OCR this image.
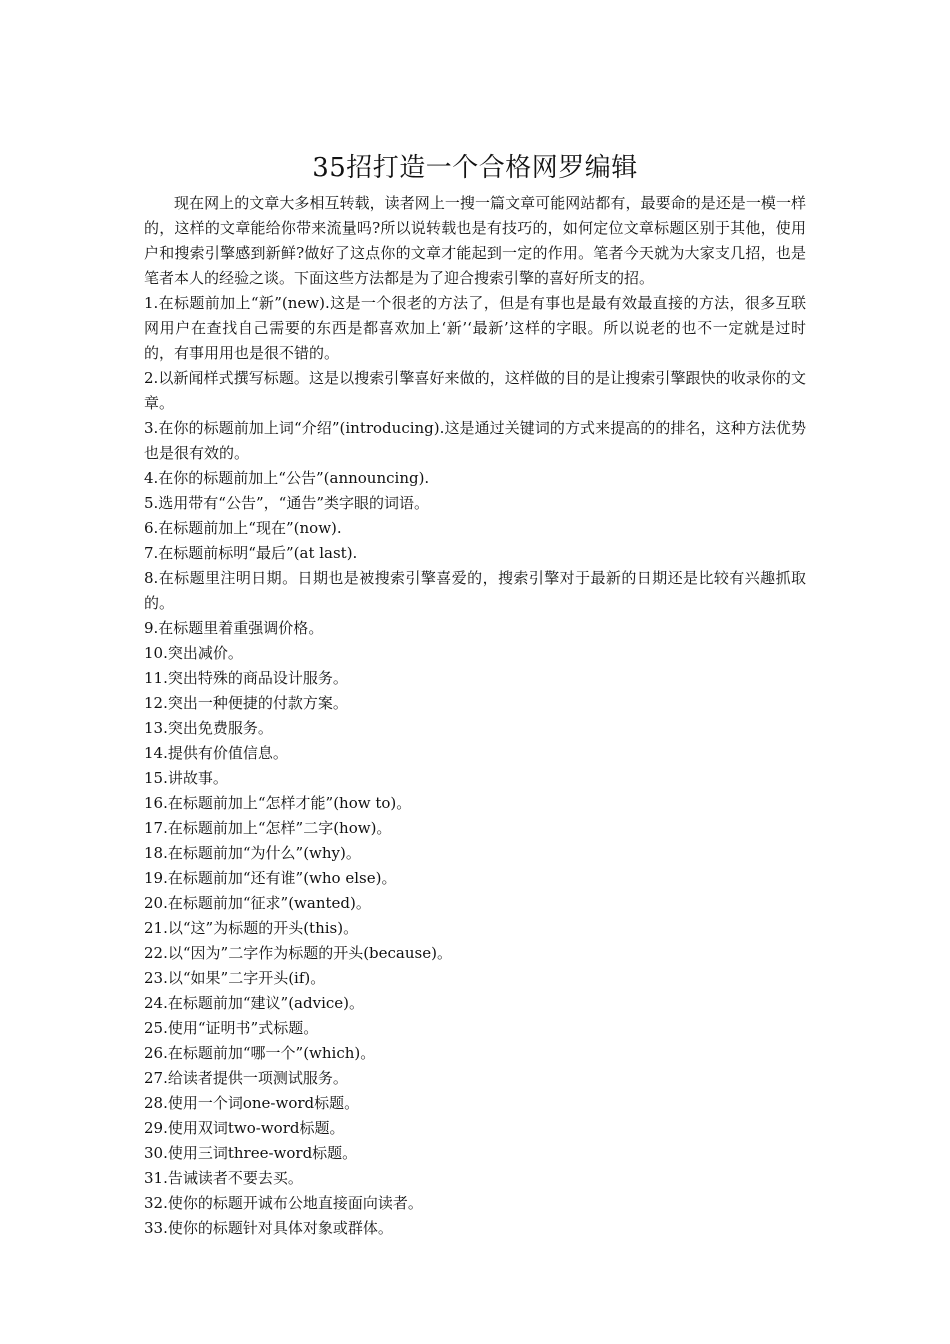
35招打造一个合格网罗编辑

现在网上的文章大多相互转载，读者网上一搜一篇文章可能网站都有，最要命的是还是一模一样的，这样的文章能给你带来流量吗?所以说转载也是有技巧的，如何定位文章标题区别于其他，使用户和搜索引擎感到新鲜?做好了这点你的文章才能起到一定的作用。笔者今天就为大家支几招，也是笔者本人的经验之谈。下面这些方法都是为了迎合搜索引擎的喜好所支的招。

1.在标题前加上“新”(new).这是一个很老的方法了，但是有事也是最有效最直接的方法，很多互联网用户在查找自己需要的东西是都喜欢加上‘新’‘最新’这样的字眼。所以说老的也不一定就是过时的，有事用用也是很不错的。
2.以新闻样式撰写标题。这是以搜索引擎喜好来做的，这样做的目的是让搜索引擎跟快的收录你的文章。
3.在你的标题前加上词“介绍”(introducing).这是通过关键词的方式来提高的的排名，这种方法优势也是很有效的。
4.在你的标题前加上“公告”(announcing).
5.选用带有“公告”，“通告”类字眼的词语。
6.在标题前加上“现在”(now).
7.在标题前标明“最后”(at last).
8.在标题里注明日期。日期也是被搜索引擎喜爱的，搜索引擎对于最新的日期还是比较有兴趣抓取的。
9.在标题里着重强调价格。
10.突出减价。
11.突出特殊的商品设计服务。
12.突出一种便捷的付款方案。
13.突出免费服务。
14.提供有价值信息。
15.讲故事。
16.在标题前加上“怎样才能”(how to)。
17.在标题前加上“怎样”二字(how)。
18.在标题前加“为什么”(why)。
19.在标题前加“还有谁”(who else)。
20.在标题前加“征求”(wanted)。
21.以“这”为标题的开头(this)。
22.以“因为”二字作为标题的开头(because)。
23.以“如果”二字开头(if)。
24.在标题前加“建议”(advice)。
25.使用“证明书”式标题。
26.在标题前加“哪一个”(which)。
27.给读者提供一项测试服务。
28.使用一个词one-word标题。
29.使用双词two-word标题。
30.使用三词three-word标题。
31.告诫读者不要去买。
32.使你的标题开诚布公地直接面向读者。
33.使你的标题针对具体对象或群体。
